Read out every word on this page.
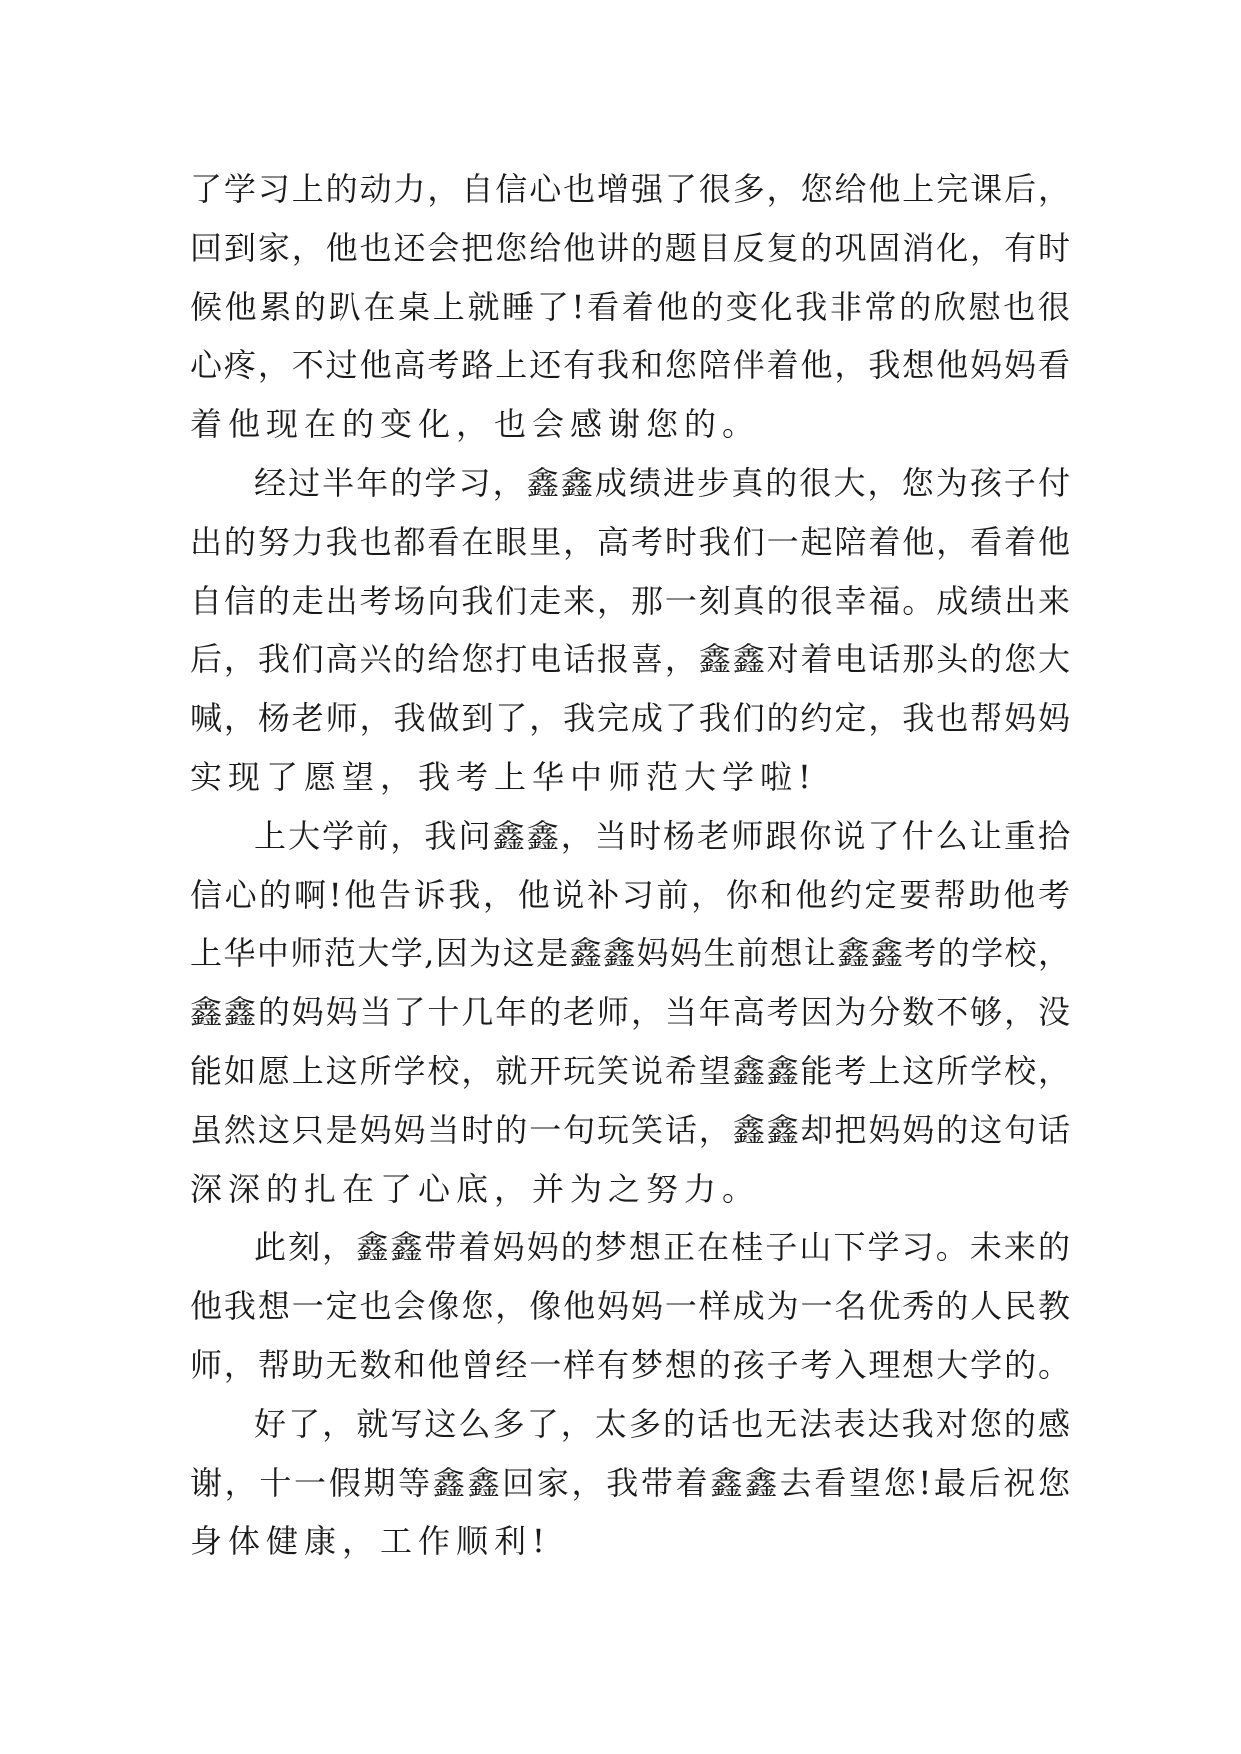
了学习上的动力，自信心也增强了很多，您给他上完课后，
回到家，他也还会把您给他讲的题目反复的巩固消化，有时
候他累的趴在桌上就睡了!看着他的变化我非常的欣慰也很
心疼，不过他高考路上还有我和您陪伴着他，我想他妈妈看
着他现在的变化，也会感谢您的。
经过半年的学习，鑫鑫成绩进步真的很大，您为孩子付
出的努力我也都看在眼里，高考时我们一起陪着他，看着他
自信的走出考场向我们走来，那一刻真的很幸福。成绩出来
后，我们高兴的给您打电话报喜，鑫鑫对着电话那头的您大
喊，杨老师，我做到了，我完成了我们的约定，我也帮妈妈
实现了愿望，我考上华中师范大学啦!
上大学前，我问鑫鑫，当时杨老师跟你说了什么让重拾
信心的啊!他告诉我，他说补习前，你和他约定要帮助他考
上华中师范大学,因为这是鑫鑫妈妈生前想让鑫鑫考的学校，
鑫鑫的妈妈当了十几年的老师，当年高考因为分数不够，没
能如愿上这所学校，就开玩笑说希望鑫鑫能考上这所学校，
虽然这只是妈妈当时的一句玩笑话，鑫鑫却把妈妈的这句话
深深的扎在了心底，并为之努力。
此刻，鑫鑫带着妈妈的梦想正在桂子山下学习。未来的
他我想一定也会像您，像他妈妈一样成为一名优秀的人民教
师，帮助无数和他曾经一样有梦想的孩子考入理想大学的。
好了，就写这么多了，太多的话也无法表达我对您的感
谢，十一假期等鑫鑫回家，我带着鑫鑫去看望您!最后祝您
身体健康，工作顺利!
